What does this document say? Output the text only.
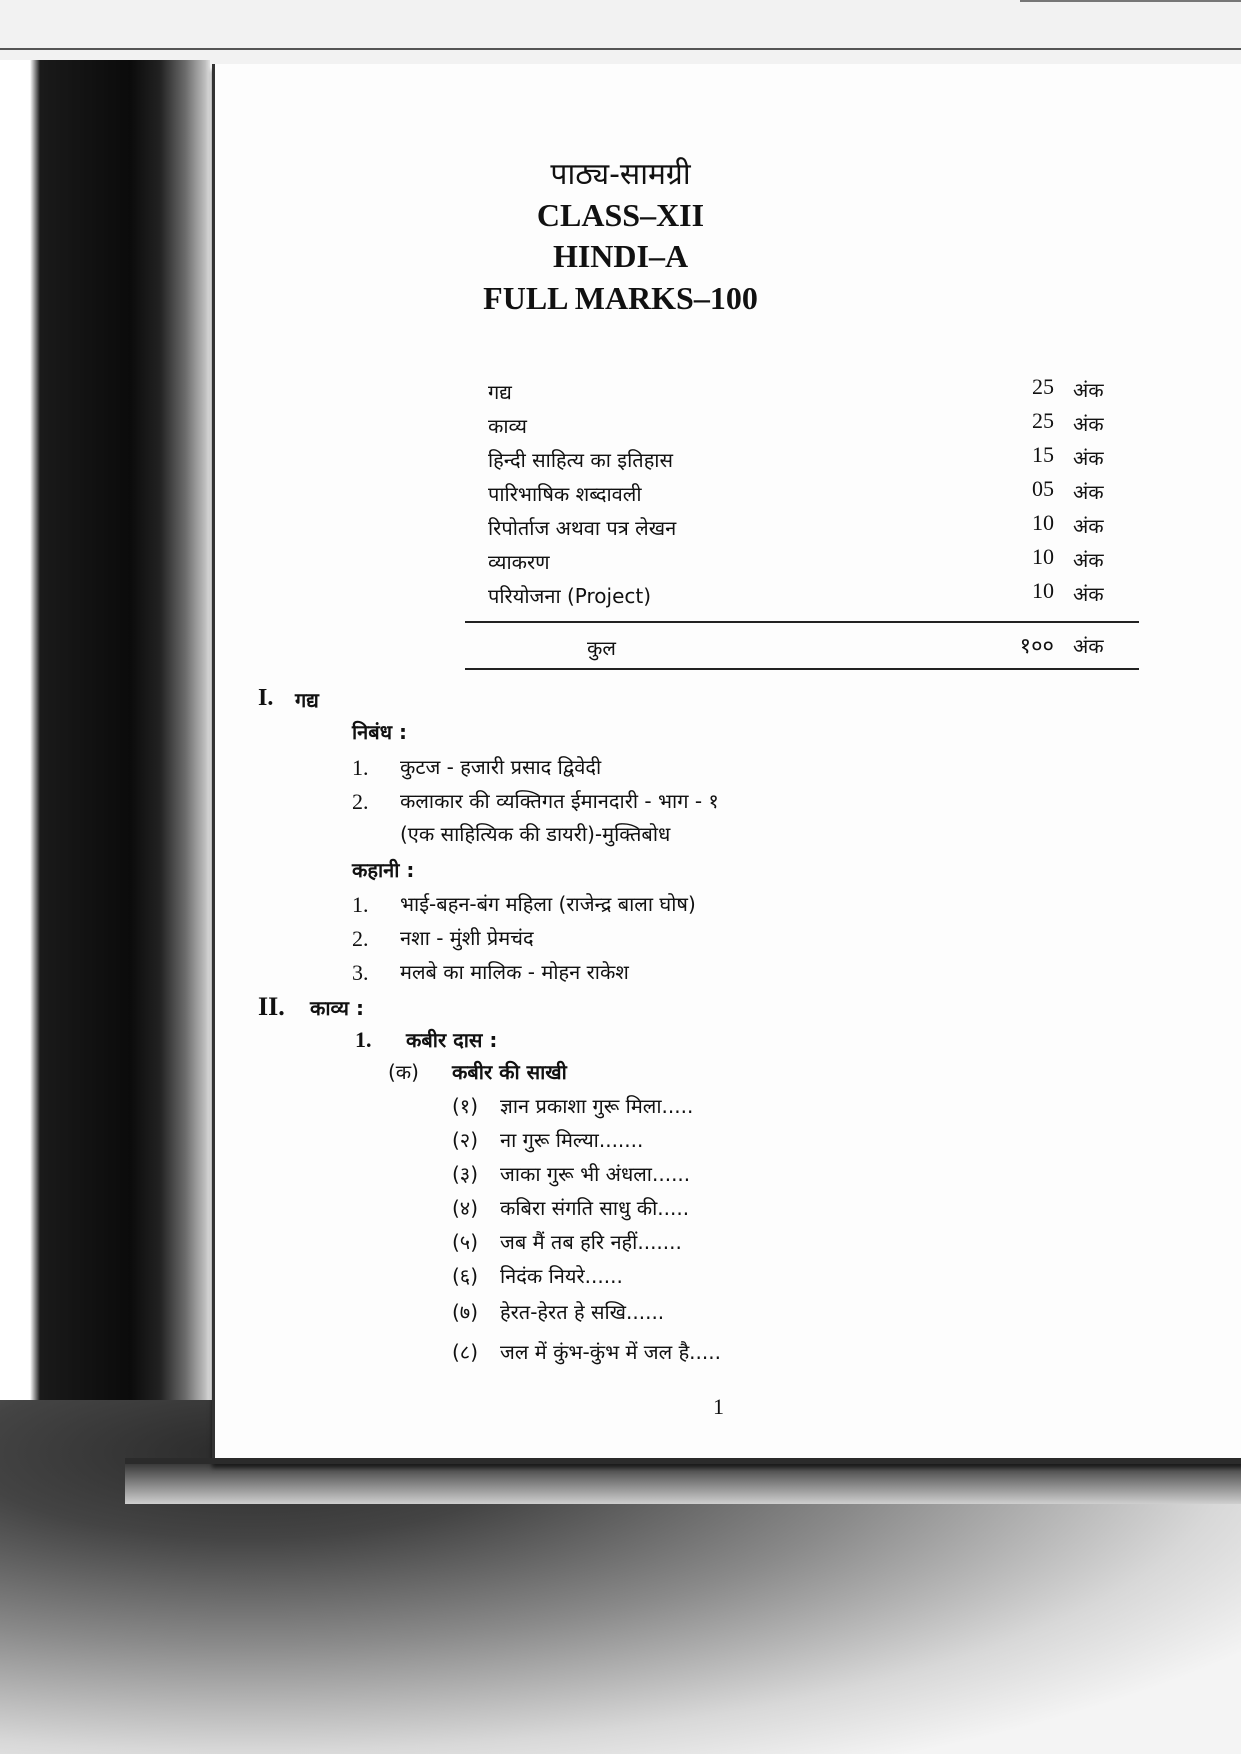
पाठ्य-सामग्री
CLASS–XII
HINDI–A
FULL MARKS–100
गद्य	25 अंक
काव्य	25 अंक
हिन्दी साहित्य का इतिहास	15 अंक
पारिभाषिक शब्दावली	05 अंक
रिपोर्ताज अथवा पत्र लेखन	10 अंक
व्याकरण	10 अंक
परियोजना (Project)	10 अंक
कुल	१०० अंक
I. गद्य
निबंध :
1. कुटज - हजारी प्रसाद द्विवेदी
2. कलाकार की व्यक्तिगत ईमानदारी - भाग - १
(एक साहित्यिक की डायरी)-मुक्तिबोध
कहानी :
1. भाई-बहन-बंग महिला (राजेन्द्र बाला घोष)
2. नशा - मुंशी प्रेमचंद
3. मलबे का मालिक - मोहन राकेश
II. काव्य :
1. कबीर दास :
(क) कबीर की साखी
(१) ज्ञान प्रकाशा गुरू मिला.....
(२) ना गुरू मिल्या.......
(३) जाका गुरू भी अंधला......
(४) कबिरा संगति साधु की.....
(५) जब मैं तब हरि नहीं.......
(६) निदंक नियरे......
(७) हेरत-हेरत हे सखि......
(८) जल में कुंभ-कुंभ में जल है.....
1
